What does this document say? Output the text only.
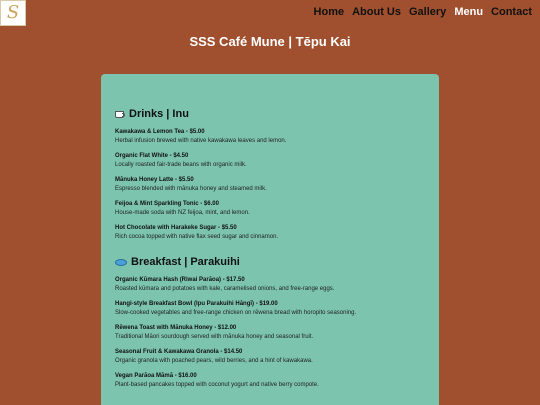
S	Home About Us Gallery Menu Contact
SSS Café Mune | Tēpu Kai
Drinks | Inu
Kawakawa & Lemon Tea - $5.00
Herbal infusion brewed with native kawakawa leaves and lemon.
Organic Flat White - $4.50
Locally roasted fair-trade beans with organic milk.
Mānuka Honey Latte - $5.50
Espresso blended with mānuka honey and steamed milk.
Feijoa & Mint Sparkling Tonic - $6.00
House-made soda with NZ feijoa, mint, and lemon.
Hot Chocolate with Harakeke Sugar - $5.50
Rich cocoa topped with native flax seed sugar and cinnamon.
Breakfast | Parakuihi
Organic Kūmara Hash (Riwai Parāoa) - $17.50
Roasted kūmara and potatoes with kale, caramelised onions, and free-range eggs.
Hangi-style Breakfast Bowl (Ipu Parakuihi Hāngī) - $19.00
Slow-cooked vegetables and free-range chicken on rēwena bread with horopito seasoning.
Rēwena Toast with Mānuka Honey - $12.00
Traditional Māori sourdough served with mānuka honey and seasonal fruit.
Seasonal Fruit & Kawakawa Granola - $14.50
Organic granola with poached pears, wild berries, and a hint of kawakawa.
Vegan Parāoa Māmā - $16.00
Plant-based pancakes topped with coconut yogurt and native berry compote.
